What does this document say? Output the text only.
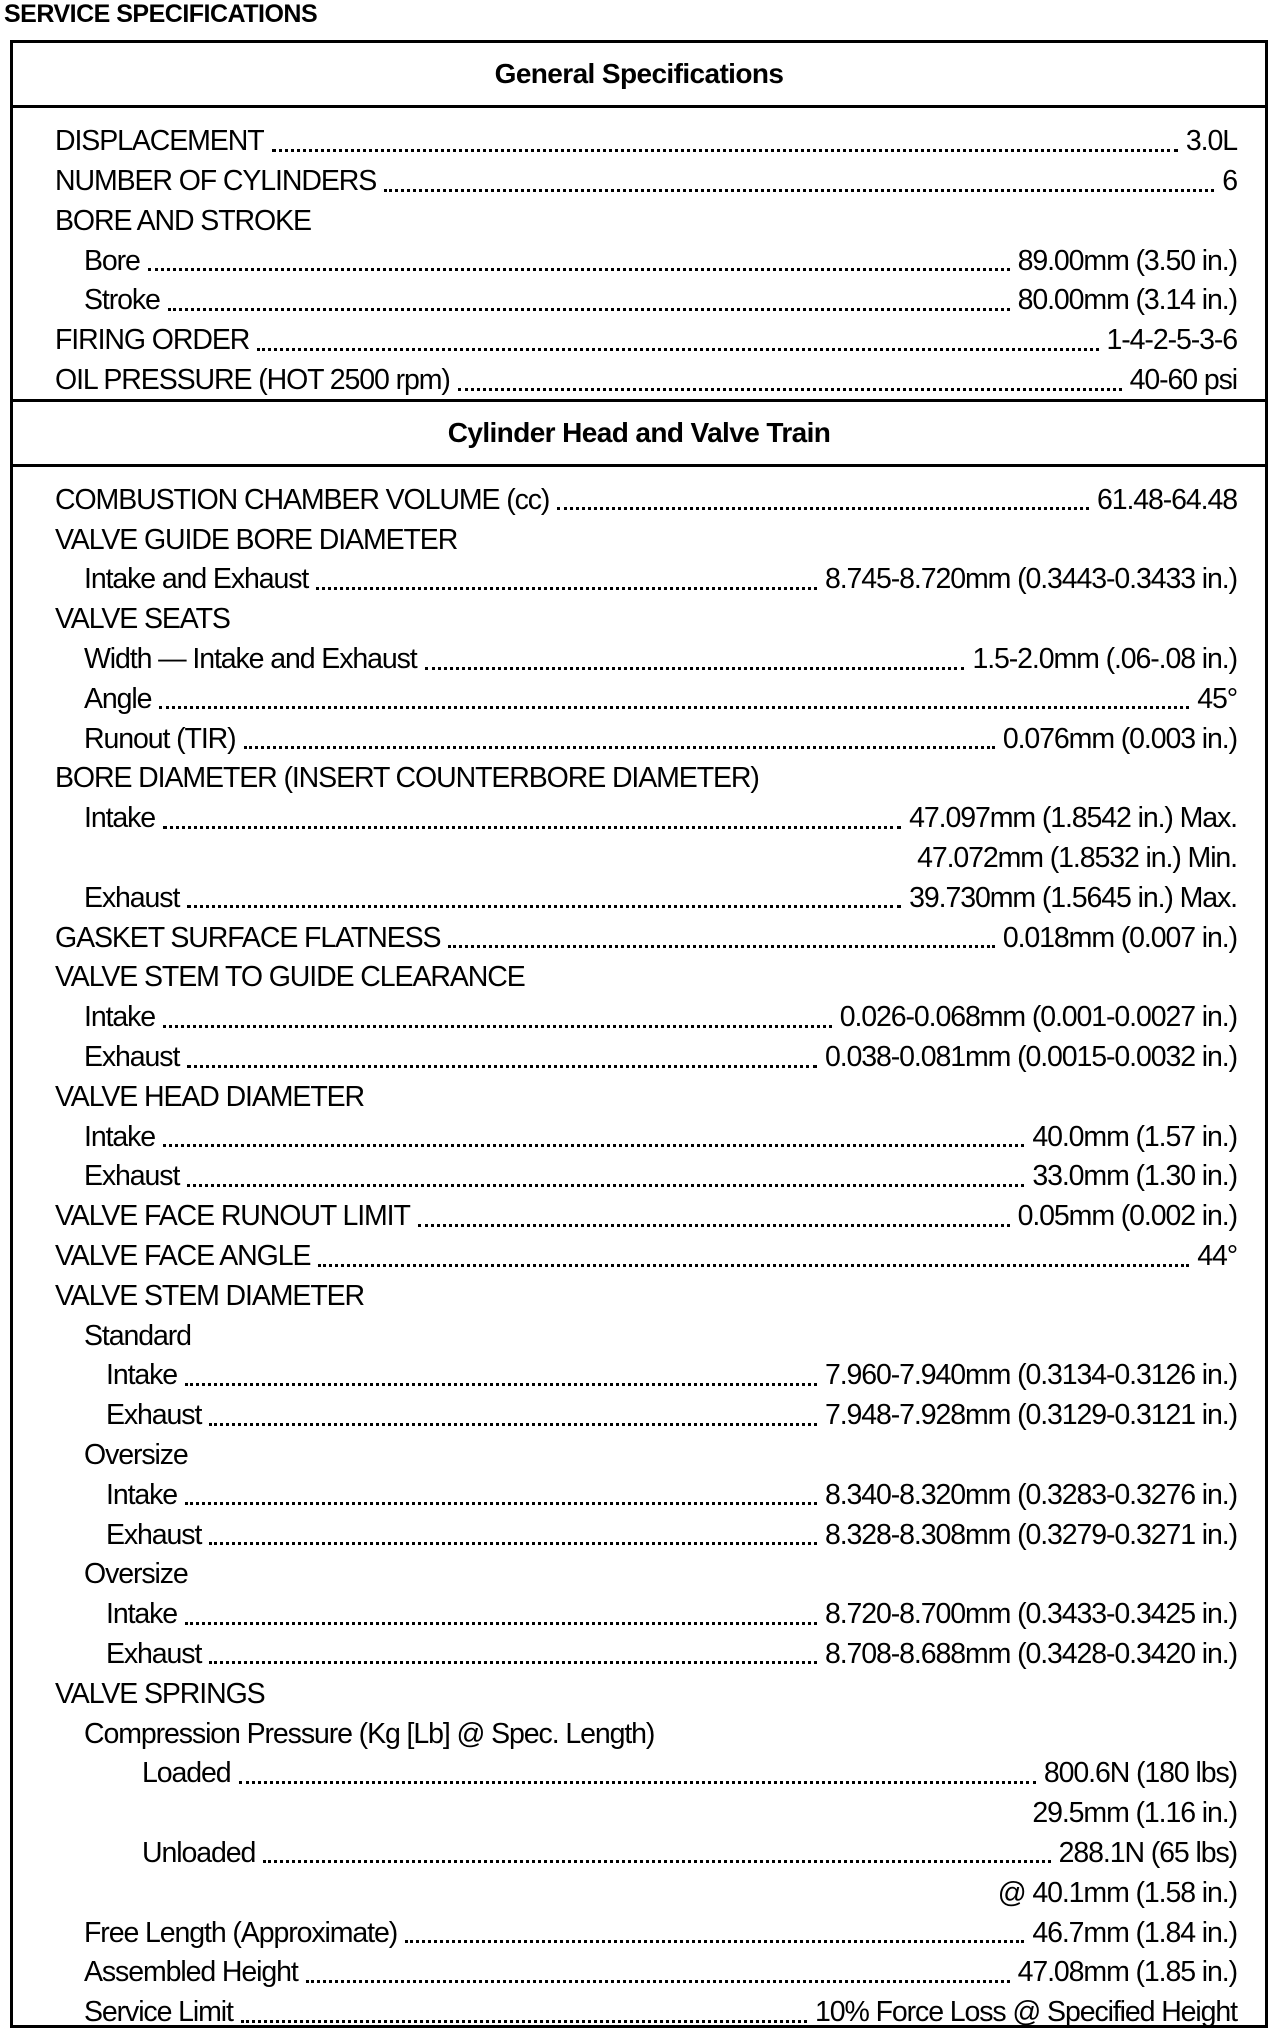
SERVICE SPECIFICATIONS
General Specifications
DISPLACEMENT	3.0L
NUMBER OF CYLINDERS	6
BORE AND STROKE
Bore	89.00mm (3.50 in.)
Stroke	80.00mm (3.14 in.)
FIRING ORDER	1-4-2-5-3-6
OIL PRESSURE (HOT 2500 rpm)	40-60 psi
Cylinder Head and Valve Train
COMBUSTION CHAMBER VOLUME (cc)	61.48-64.48
VALVE GUIDE BORE DIAMETER
Intake and Exhaust	8.745-8.720mm (0.3443-0.3433 in.)
VALVE SEATS
Width — Intake and Exhaust	1.5-2.0mm (.06-.08 in.)
Angle	45°
Runout (TIR)	0.076mm (0.003 in.)
BORE DIAMETER (INSERT COUNTERBORE DIAMETER)
Intake	47.097mm (1.8542 in.) Max.
47.072mm (1.8532 in.) Min.
Exhaust	39.730mm (1.5645 in.) Max.
GASKET SURFACE FLATNESS	0.018mm (0.007 in.)
VALVE STEM TO GUIDE CLEARANCE
Intake	0.026-0.068mm (0.001-0.0027 in.)
Exhaust	0.038-0.081mm (0.0015-0.0032 in.)
VALVE HEAD DIAMETER
Intake	40.0mm (1.57 in.)
Exhaust	33.0mm (1.30 in.)
VALVE FACE RUNOUT LIMIT	0.05mm (0.002 in.)
VALVE FACE ANGLE	44°
VALVE STEM DIAMETER
Standard
Intake	7.960-7.940mm (0.3134-0.3126 in.)
Exhaust	7.948-7.928mm (0.3129-0.3121 in.)
Oversize
Intake	8.340-8.320mm (0.3283-0.3276 in.)
Exhaust	8.328-8.308mm (0.3279-0.3271 in.)
Oversize
Intake	8.720-8.700mm (0.3433-0.3425 in.)
Exhaust	8.708-8.688mm (0.3428-0.3420 in.)
VALVE SPRINGS
Compression Pressure (Kg [Lb] @ Spec. Length)
Loaded	800.6N (180 lbs)
29.5mm (1.16 in.)
Unloaded	288.1N (65 lbs)
@ 40.1mm (1.58 in.)
Free Length (Approximate)	46.7mm (1.84 in.)
Assembled Height	47.08mm (1.85 in.)
Service Limit	10% Force Loss @ Specified Height
